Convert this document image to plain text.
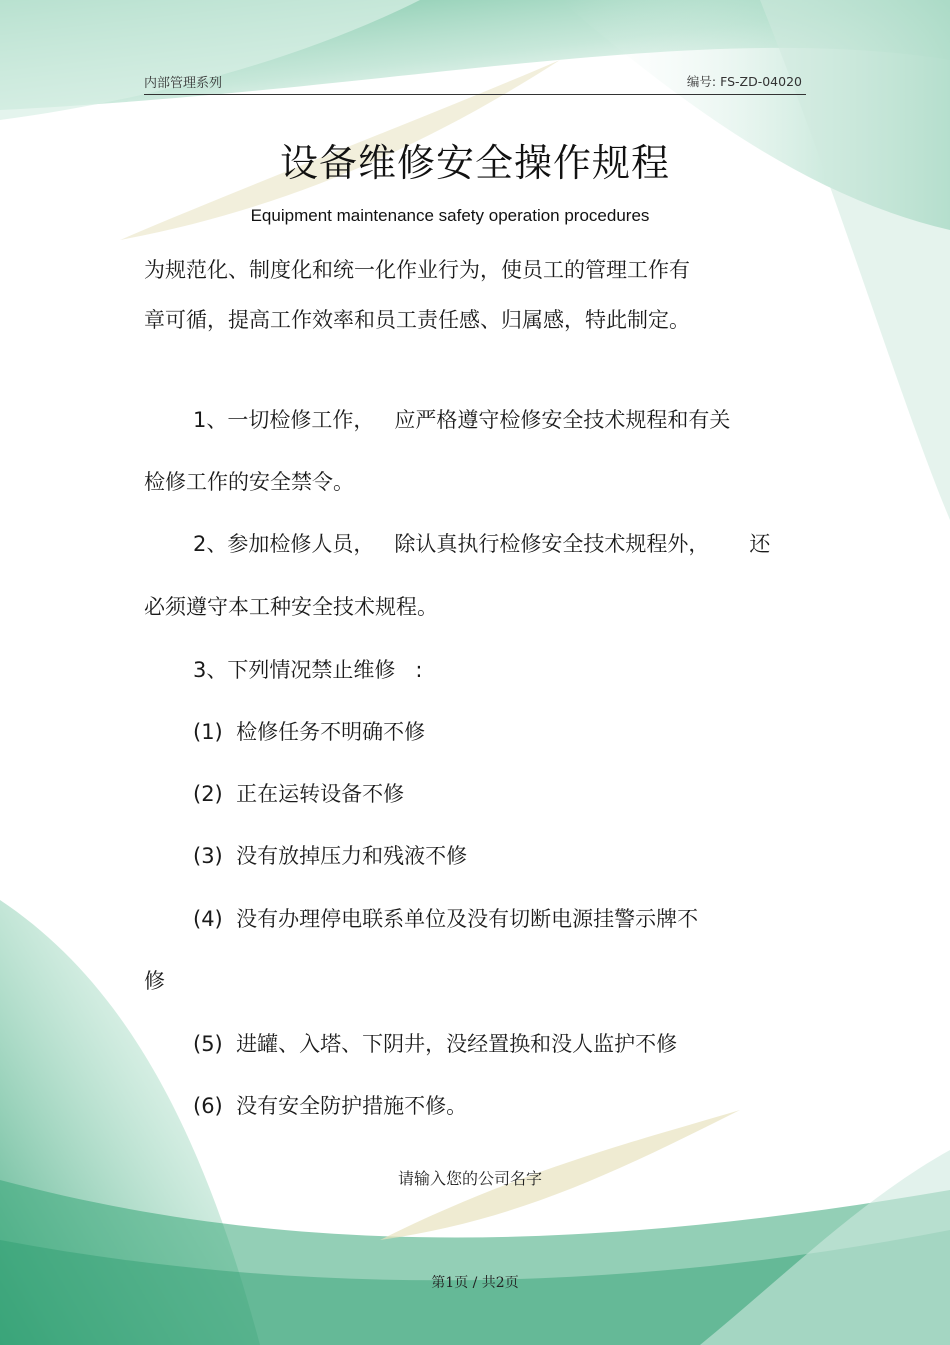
内部管理系列	编号: FS-ZD-04020
设备维修安全操作规程
Equipment maintenance safety operation procedures
为规范化、制度化和统一化作业行为，使员工的管理工作有
章可循，提高工作效率和员工责任感、归属感，特此制定。
1、一切检修工作，   应严格遵守检修安全技术规程和有关
检修工作的安全禁令。
2、参加检修人员，   除认真执行检修安全技术规程外，      还
必须遵守本工种安全技术规程。
3、下列情况禁止维修   :
(1)  检修任务不明确不修
(2)  正在运转设备不修
(3)  没有放掉压力和残液不修
(4)  没有办理停电联系单位及没有切断电源挂警示牌不
修
(5)  进罐、入塔、下阴井，没经置换和没人监护不修
(6)  没有安全防护措施不修。
请输入您的公司名字
第1页 / 共2页
